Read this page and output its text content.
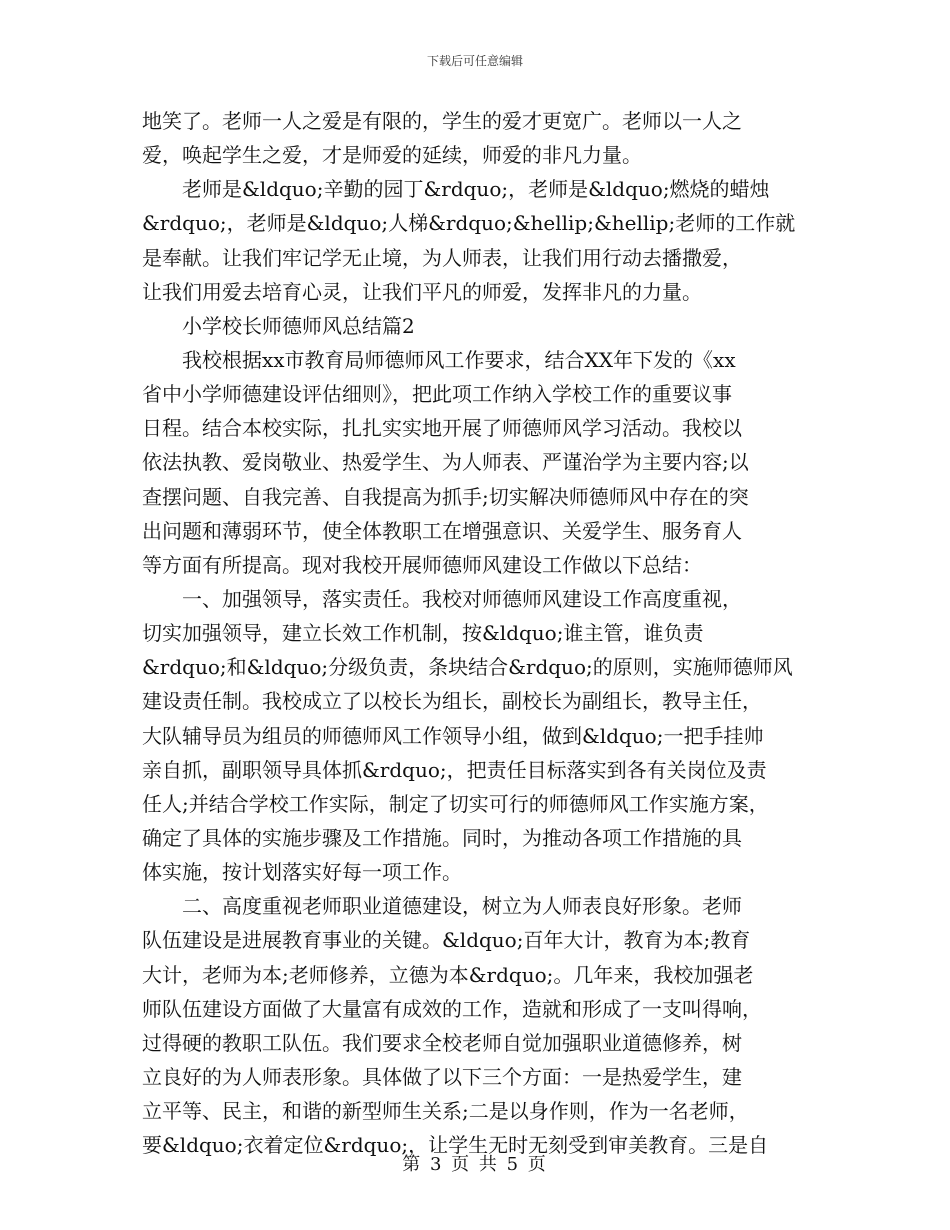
下载后可任意编辑
地笑了。老师一人之爱是有限的，学生的爱才更宽广。老师以一人之
爱，唤起学生之爱，才是师爱的延续，师爱的非凡力量。
老师是&ldquo;辛勤的园丁&rdquo;，老师是&ldquo;燃烧的蜡烛
&rdquo;，老师是&ldquo;人梯&rdquo;&hellip;&hellip;老师的工作就
是奉献。让我们牢记学无止境，为人师表，让我们用行动去播撒爱，
让我们用爱去培育心灵，让我们平凡的师爱，发挥非凡的力量。
小学校长师德师风总结篇2
我校根据xx市教育局师德师风工作要求，结合XX年下发的《xx
省中小学师德建设评估细则》，把此项工作纳入学校工作的重要议事
日程。结合本校实际，扎扎实实地开展了师德师风学习活动。我校以
依法执教、爱岗敬业、热爱学生、为人师表、严谨治学为主要内容;以
查摆问题、自我完善、自我提高为抓手;切实解决师德师风中存在的突
出问题和薄弱环节，使全体教职工在增强意识、关爱学生、服务育人
等方面有所提高。现对我校开展师德师风建设工作做以下总结：
一、加强领导，落实责任。我校对师德师风建设工作高度重视，
切实加强领导，建立长效工作机制，按&ldquo;谁主管，谁负责
&rdquo;和&ldquo;分级负责，条块结合&rdquo;的原则，实施师德师风
建设责任制。我校成立了以校长为组长，副校长为副组长，教导主任，
大队辅导员为组员的师德师风工作领导小组，做到&ldquo;一把手挂帅
亲自抓，副职领导具体抓&rdquo;，把责任目标落实到各有关岗位及责
任人;并结合学校工作实际，制定了切实可行的师德师风工作实施方案，
确定了具体的实施步骤及工作措施。同时，为推动各项工作措施的具
体实施，按计划落实好每一项工作。
二、高度重视老师职业道德建设，树立为人师表良好形象。老师
队伍建设是进展教育事业的关键。&ldquo;百年大计，教育为本;教育
大计，老师为本;老师修养，立德为本&rdquo;。几年来，我校加强老
师队伍建设方面做了大量富有成效的工作，造就和形成了一支叫得响，
过得硬的教职工队伍。我们要求全校老师自觉加强职业道德修养，树
立良好的为人师表形象。具体做了以下三个方面：一是热爱学生，建
立平等、民主，和谐的新型师生关系;二是以身作则，作为一名老师，
要&ldquo;衣着定位&rdquo;，让学生无时无刻受到审美教育。三是自
第 3 页 共 5 页
